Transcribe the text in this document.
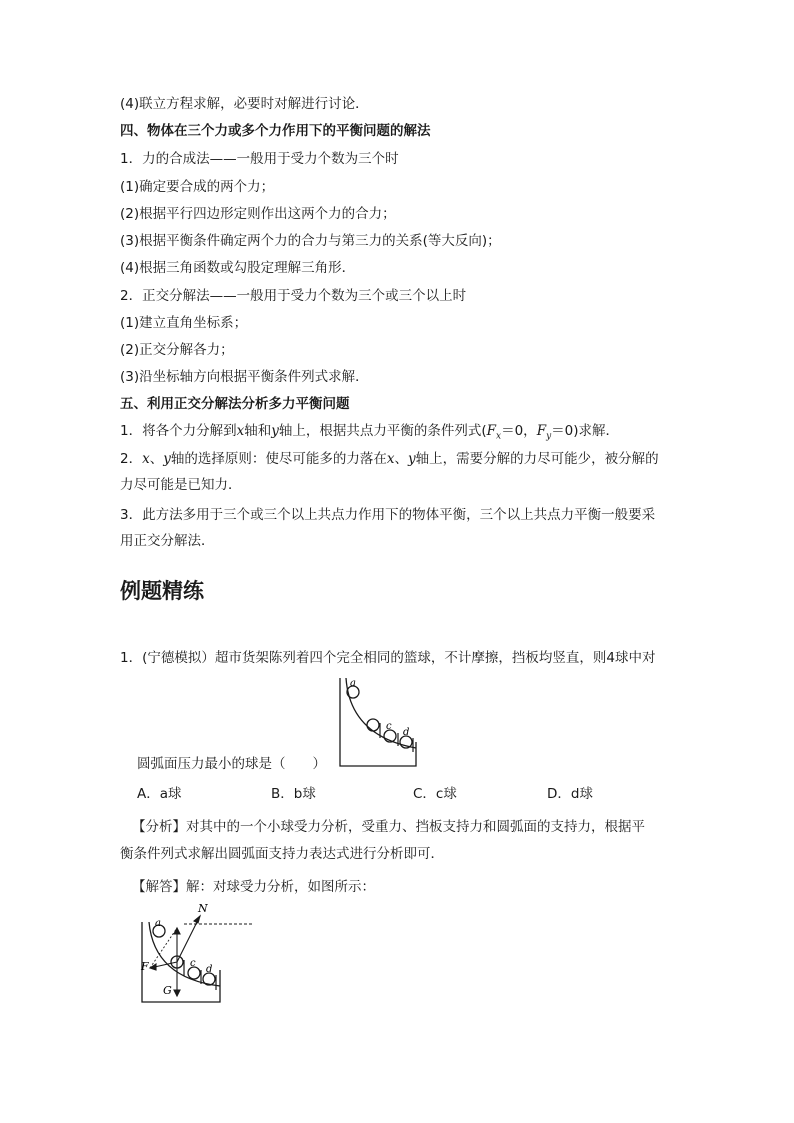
(4)联立方程求解，必要时对解进行讨论．
四、物体在三个力或多个力作用下的平衡问题的解法
1．力的合成法——一般用于受力个数为三个时
(1)确定要合成的两个力；
(2)根据平行四边形定则作出这两个力的合力；
(3)根据平衡条件确定两个力的合力与第三力的关系(等大反向)；
(4)根据三角函数或勾股定理解三角形．
2．正交分解法——一般用于受力个数为三个或三个以上时
(1)建立直角坐标系；
(2)正交分解各力；
(3)沿坐标轴方向根据平衡条件列式求解．
五、利用正交分解法分析多力平衡问题
1．将各个力分解到x轴和y轴上，根据共点力平衡的条件列式($F_x=0$，$F_y=0$)求解．
2．x、y轴的选择原则：使尽可能多的力落在x、y轴上，需要分解的力尽可能少，被分解的
力尽可能是已知力．
3．此方法多用于三个或三个以上共点力作用下的物体平衡，三个以上共点力平衡一般要采
用正交分解法．
例题精练
1．(宁德模拟）超市货架陈列着四个完全相同的篮球，不计摩擦，挡板均竖直，则4球中对
a
c
d
圆弧面压力最小的球是（　　）
A．a球	B．b球	C．c球	D．d球
【分析】对其中的一个小球受力分析，受重力、挡板支持力和圆弧面的支持力，根据平
衡条件列式求解出圆弧面支持力表达式进行分析即可．
【解答】解：对球受力分析，如图所示：
a
c
d
N
F
G
